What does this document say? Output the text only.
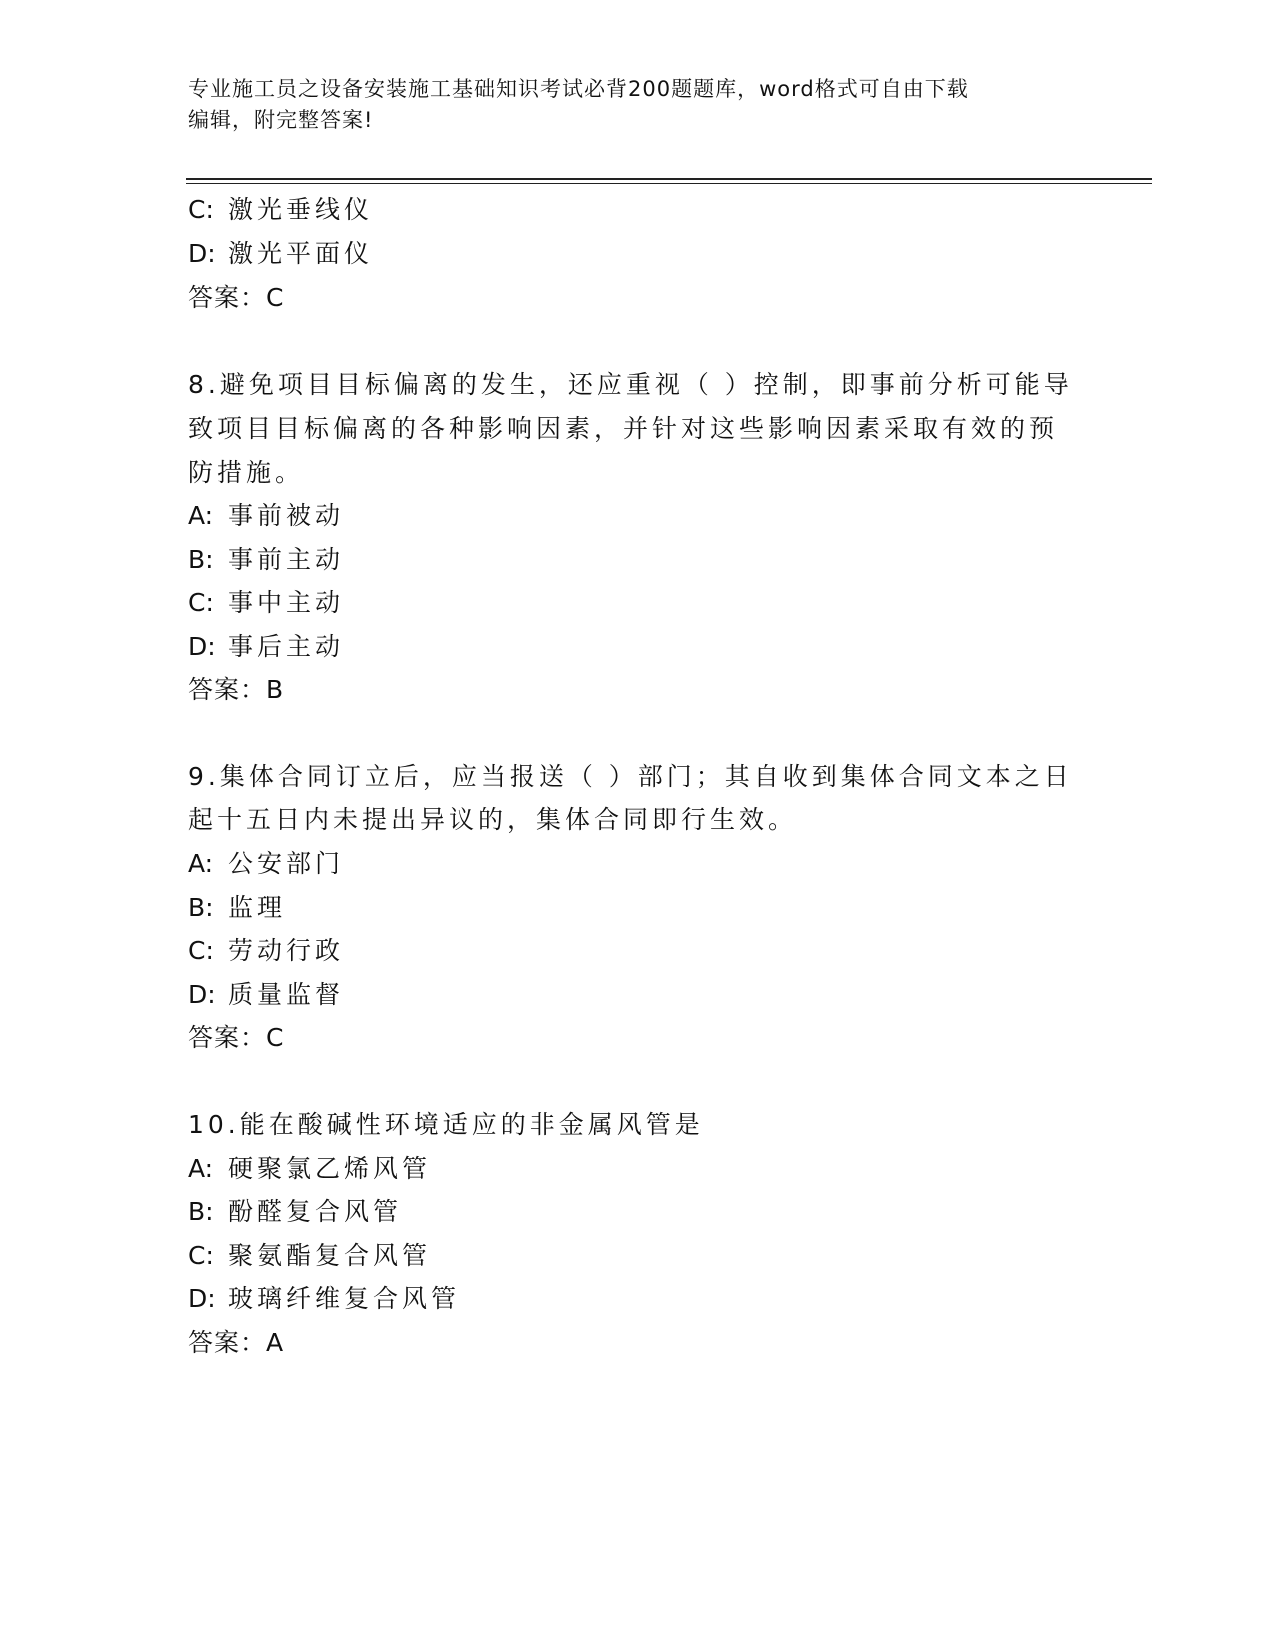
专业施工员之设备安装施工基础知识考试必背200题题库，word格式可自由下载
编辑，附完整答案!
C: 激光垂线仪
D: 激光平面仪
答案：C
8.避免项目目标偏离的发生，还应重视（ ）控制，即事前分析可能导
致项目目标偏离的各种影响因素，并针对这些影响因素采取有效的预
防措施。
A: 事前被动
B: 事前主动
C: 事中主动
D: 事后主动
答案：B
9.集体合同订立后，应当报送（ ）部门；其自收到集体合同文本之日
起十五日内未提出异议的，集体合同即行生效。
A: 公安部门
B: 监理
C: 劳动行政
D: 质量监督
答案：C
10.能在酸碱性环境适应的非金属风管是
A: 硬聚氯乙烯风管
B: 酚醛复合风管
C: 聚氨酯复合风管
D: 玻璃纤维复合风管
答案：A
